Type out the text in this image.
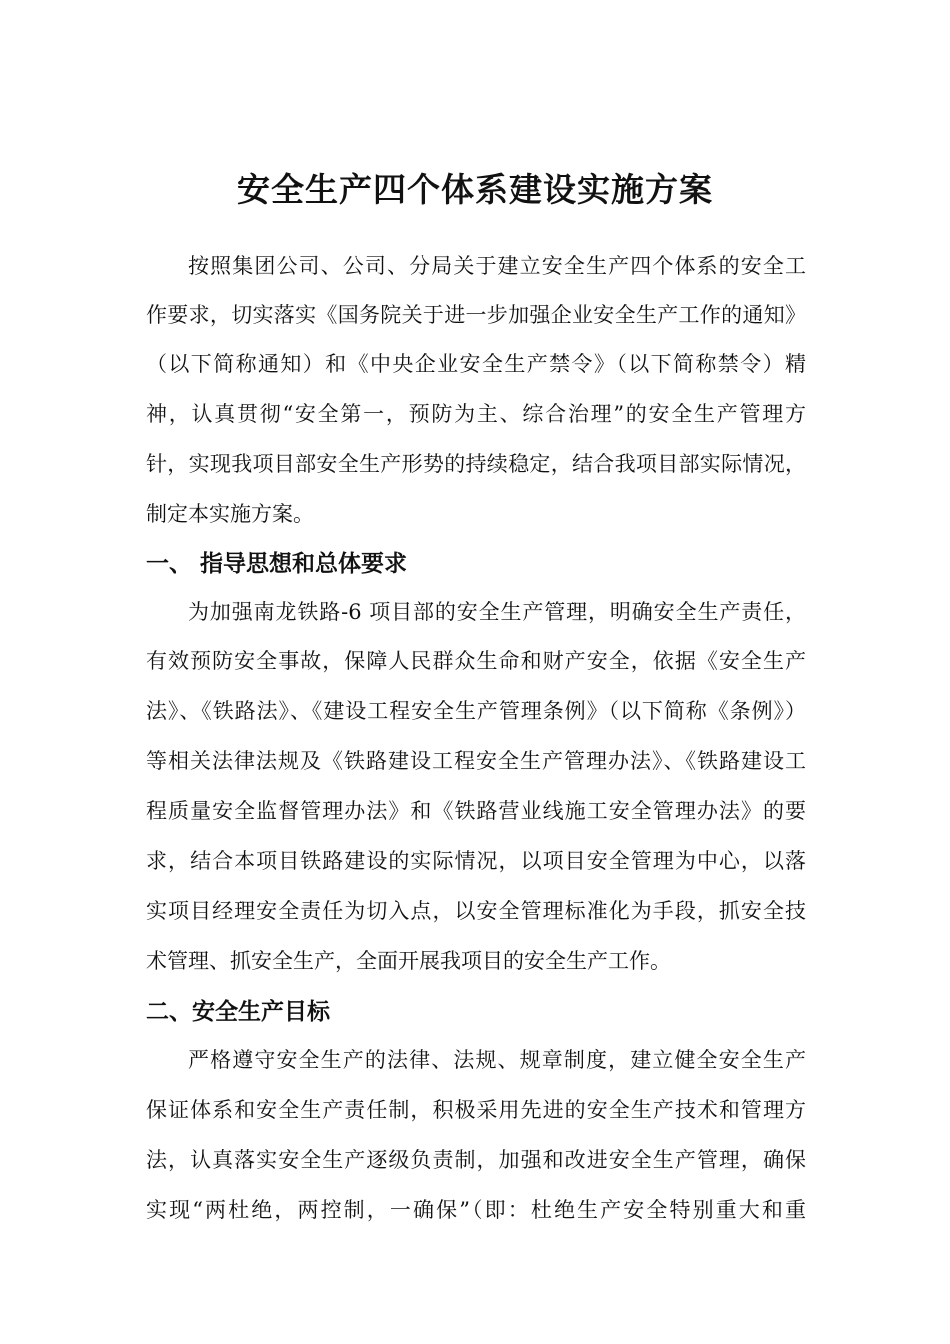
安全生产四个体系建设实施方案
按照集团公司、公司、分局关于建立安全生产四个体系的安全工
作要求，切实落实《国务院关于进一步加强企业安全生产工作的通知》
（以下简称通知）和《中央企业安全生产禁令》（以下简称禁令）精
神，认真贯彻“安全第一，预防为主、综合治理”的安全生产管理方
针，实现我项目部安全生产形势的持续稳定，结合我项目部实际情况，
制定本实施方案。
一、 指导思想和总体要求
为加强南龙铁路-6 项目部的安全生产管理，明确安全生产责任，
有效预防安全事故，保障人民群众生命和财产安全，依据《安全生产
法》、《铁路法》、《建设工程安全生产管理条例》（以下简称《条例》）
等相关法律法规及《铁路建设工程安全生产管理办法》、《铁路建设工
程质量安全监督管理办法》和《铁路营业线施工安全管理办法》的要
求，结合本项目铁路建设的实际情况，以项目安全管理为中心，以落
实项目经理安全责任为切入点，以安全管理标准化为手段，抓安全技
术管理、抓安全生产，全面开展我项目的安全生产工作。
二、安全生产目标
严格遵守安全生产的法律、法规、规章制度，建立健全安全生产
保证体系和安全生产责任制，积极采用先进的安全生产技术和管理方
法，认真落实安全生产逐级负责制，加强和改进安全生产管理，确保
实现“两杜绝，两控制，一确保”（即：杜绝生产安全特别重大和重
